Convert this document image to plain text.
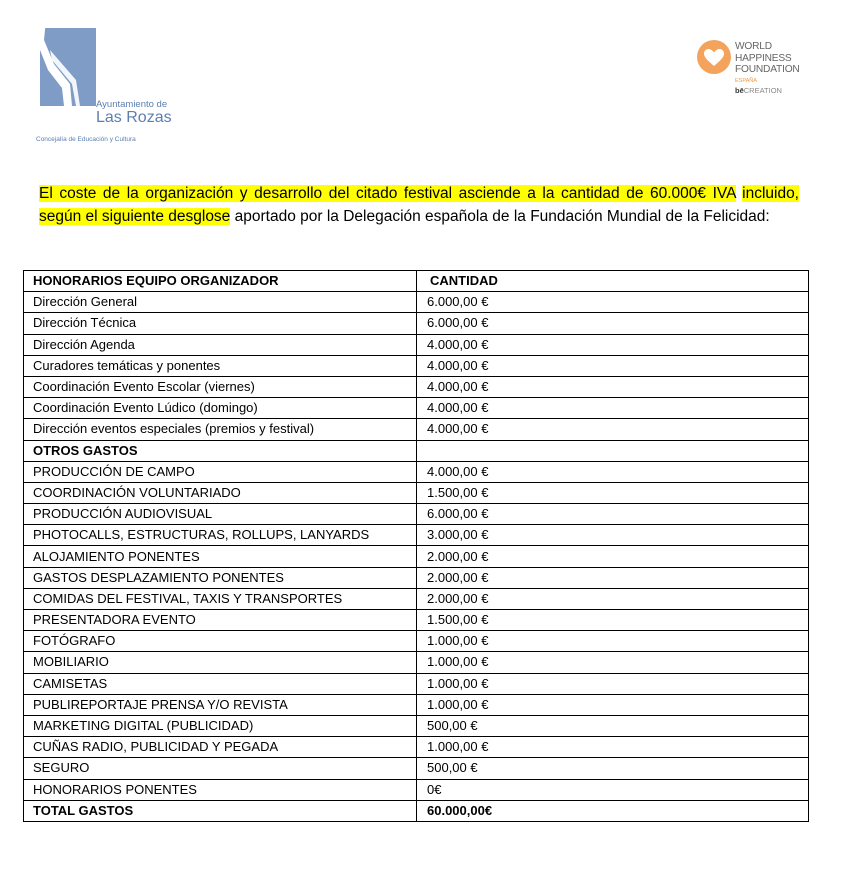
Ayuntamiento de
Las Rozas
Concejalía de Educación y Cultura
WORLD
HAPPINESS
FOUNDATION
ESPAÑA
bēCREATION

El coste de la organización y desarrollo del citado festival asciende a la cantidad de 60.000€ IVA incluido, según el siguiente desglose aportado por la Delegación española de la Fundación Mundial de la Felicidad:

HONORARIOS EQUIPO ORGANIZADOR	CANTIDAD
Dirección General	6.000,00 €
Dirección Técnica	6.000,00 €
Dirección Agenda	4.000,00 €
Curadores temáticas y ponentes	4.000,00 €
Coordinación Evento Escolar (viernes)	4.000,00 €
Coordinación Evento Lúdico (domingo)	4.000,00 €
Dirección eventos especiales (premios y festival)	4.000,00 €
OTROS GASTOS	
PRODUCCIÓN DE CAMPO	4.000,00 €
COORDINACIÓN VOLUNTARIADO	1.500,00 €
PRODUCCIÓN AUDIOVISUAL	6.000,00 €
PHOTOCALLS, ESTRUCTURAS, ROLLUPS, LANYARDS	3.000,00 €
ALOJAMIENTO PONENTES	2.000,00 €
GASTOS DESPLAZAMIENTO PONENTES	2.000,00 €
COMIDAS DEL FESTIVAL, TAXIS Y TRANSPORTES	2.000,00 €
PRESENTADORA EVENTO	1.500,00 €
FOTÓGRAFO	1.000,00 €
MOBILIARIO	1.000,00 €
CAMISETAS	1.000,00 €
PUBLIREPORTAJE PRENSA Y/O REVISTA	1.000,00 €
MARKETING DIGITAL (PUBLICIDAD)	500,00 €
CUÑAS RADIO, PUBLICIDAD Y PEGADA	1.000,00 €
SEGURO	500,00 €
HONORARIOS PONENTES	0€
TOTAL GASTOS	60.000,00€
